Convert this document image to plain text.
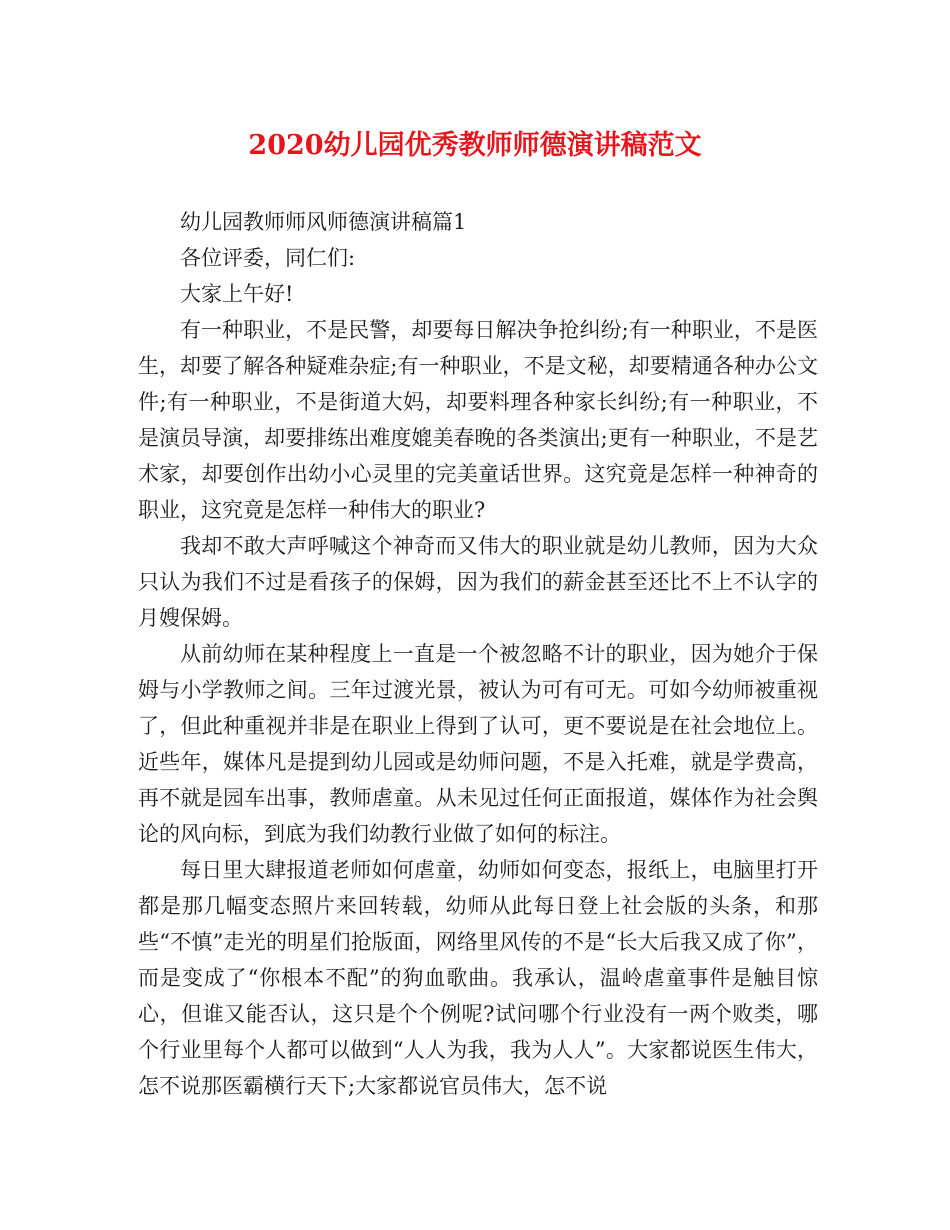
2020幼儿园优秀教师师德演讲稿范文

幼儿园教师师风师德演讲稿篇1

各位评委，同仁们:

大家上午好!

有一种职业，不是民警，却要每日解决争抢纠纷;有一种职业，不是医生，却要了解各种疑难杂症;有一种职业，不是文秘，却要精通各种办公文件;有一种职业，不是街道大妈，却要料理各种家长纠纷;有一种职业，不是演员导演，却要排练出难度媲美春晚的各类演出;更有一种职业，不是艺术家，却要创作出幼小心灵里的完美童话世界。这究竟是怎样一种神奇的职业，这究竟是怎样一种伟大的职业?

我却不敢大声呼喊这个神奇而又伟大的职业就是幼儿教师，因为大众只认为我们不过是看孩子的保姆，因为我们的薪金甚至还比不上不认字的月嫂保姆。

从前幼师在某种程度上一直是一个被忽略不计的职业，因为她介于保姆与小学教师之间。三年过渡光景，被认为可有可无。可如今幼师被重视了，但此种重视并非是在职业上得到了认可，更不要说是在社会地位上。近些年，媒体凡是提到幼儿园或是幼师问题，不是入托难，就是学费高，再不就是园车出事，教师虐童。从未见过任何正面报道，媒体作为社会舆论的风向标，到底为我们幼教行业做了如何的标注。

每日里大肆报道老师如何虐童，幼师如何变态，报纸上，电脑里打开都是那几幅变态照片来回转载，幼师从此每日登上社会版的头条，和那些“不慎”走光的明星们抢版面，网络里风传的不是“长大后我又成了你”，而是变成了“你根本不配”的狗血歌曲。我承认，温岭虐童事件是触目惊心，但谁又能否认，这只是个个例呢?试问哪个行业没有一两个败类，哪个行业里每个人都可以做到“人人为我，我为人人”。大家都说医生伟大，怎不说那医霸横行天下;大家都说官员伟大，怎不说
